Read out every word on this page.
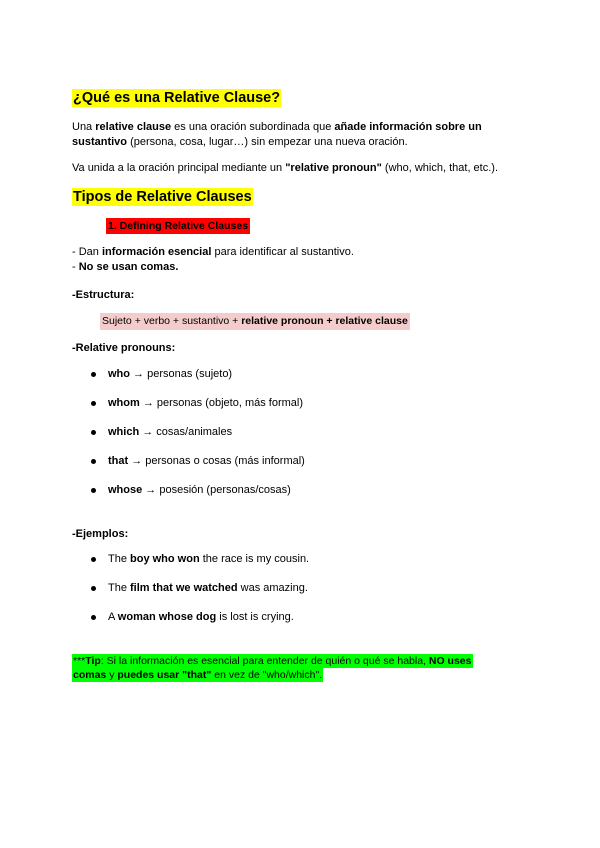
¿Qué es una Relative Clause?
Una relative clause es una oración subordinada que añade información sobre un
sustantivo (persona, cosa, lugar…) sin empezar una nueva oración.
Va unida a la oración principal mediante un "relative pronoun" (who, which, that, etc.).
Tipos de Relative Clauses
1. Defining Relative Clauses
- Dan información esencial para identificar al sustantivo.
- No se usan comas.
-Estructura:
Sujeto + verbo + sustantivo + relative pronoun + relative clause
-Relative pronouns:
who → personas (sujeto)
whom → personas (objeto, más formal)
which → cosas/animales
that → personas o cosas (más informal)
whose → posesión (personas/cosas)
-Ejemplos:
The boy who won the race is my cousin.
The film that we watched was amazing.
A woman whose dog is lost is crying.
***Tip: Si la información es esencial para entender de quién o qué se habla, NO uses
comas y puedes usar "that" en vez de "who/which".
